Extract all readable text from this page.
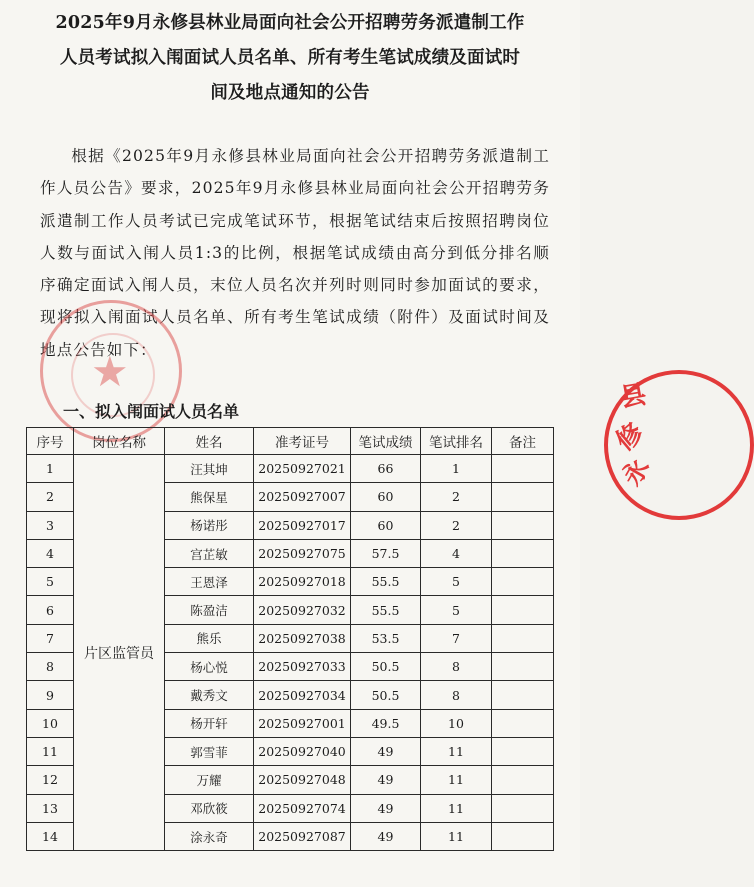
2025年9月永修县林业局面向社会公开招聘劳务派遣制工作
人员考试拟入闱面试人员名单、所有考生笔试成绩及面试时
间及地点通知的公告
根据《2025年9月永修县林业局面向社会公开招聘劳务派遣制工作人员公告》要求，2025年9月永修县林业局面向社会公开招聘劳务派遣制工作人员考试已完成笔试环节，根据笔试结束后按照招聘岗位人数与面试入闱人员1:3的比例，根据笔试成绩由高分到低分排名顺序确定面试入闱人员，末位人员名次并列时则同时参加面试的要求，现将拟入闱面试人员名单、所有考生笔试成绩（附件）及面试时间及地点公告如下：
★
一、拟入闱面试人员名单
序号	岗位名称	姓名	准考证号	笔试成绩	笔试排名	备注
1	片区监管员	汪其坤	20250927021	66	1	
2		熊保星	20250927007	60	2	
3		杨诺彤	20250927017	60	2	
4		宫芷敏	20250927075	57.5	4	
5		王恩泽	20250927018	55.5	5	
6		陈盈洁	20250927032	55.5	5	
7		熊乐	20250927038	53.5	7	
8		杨心悦	20250927033	50.5	8	
9		戴秀文	20250927034	50.5	8	
10		杨开轩	20250927001	49.5	10	
11		郭雪菲	20250927040	49	11	
12		万耀	20250927048	49	11	
13		邓欣筱	20250927074	49	11	
14		涂永奇	20250927087	49	11	
县
修
永
